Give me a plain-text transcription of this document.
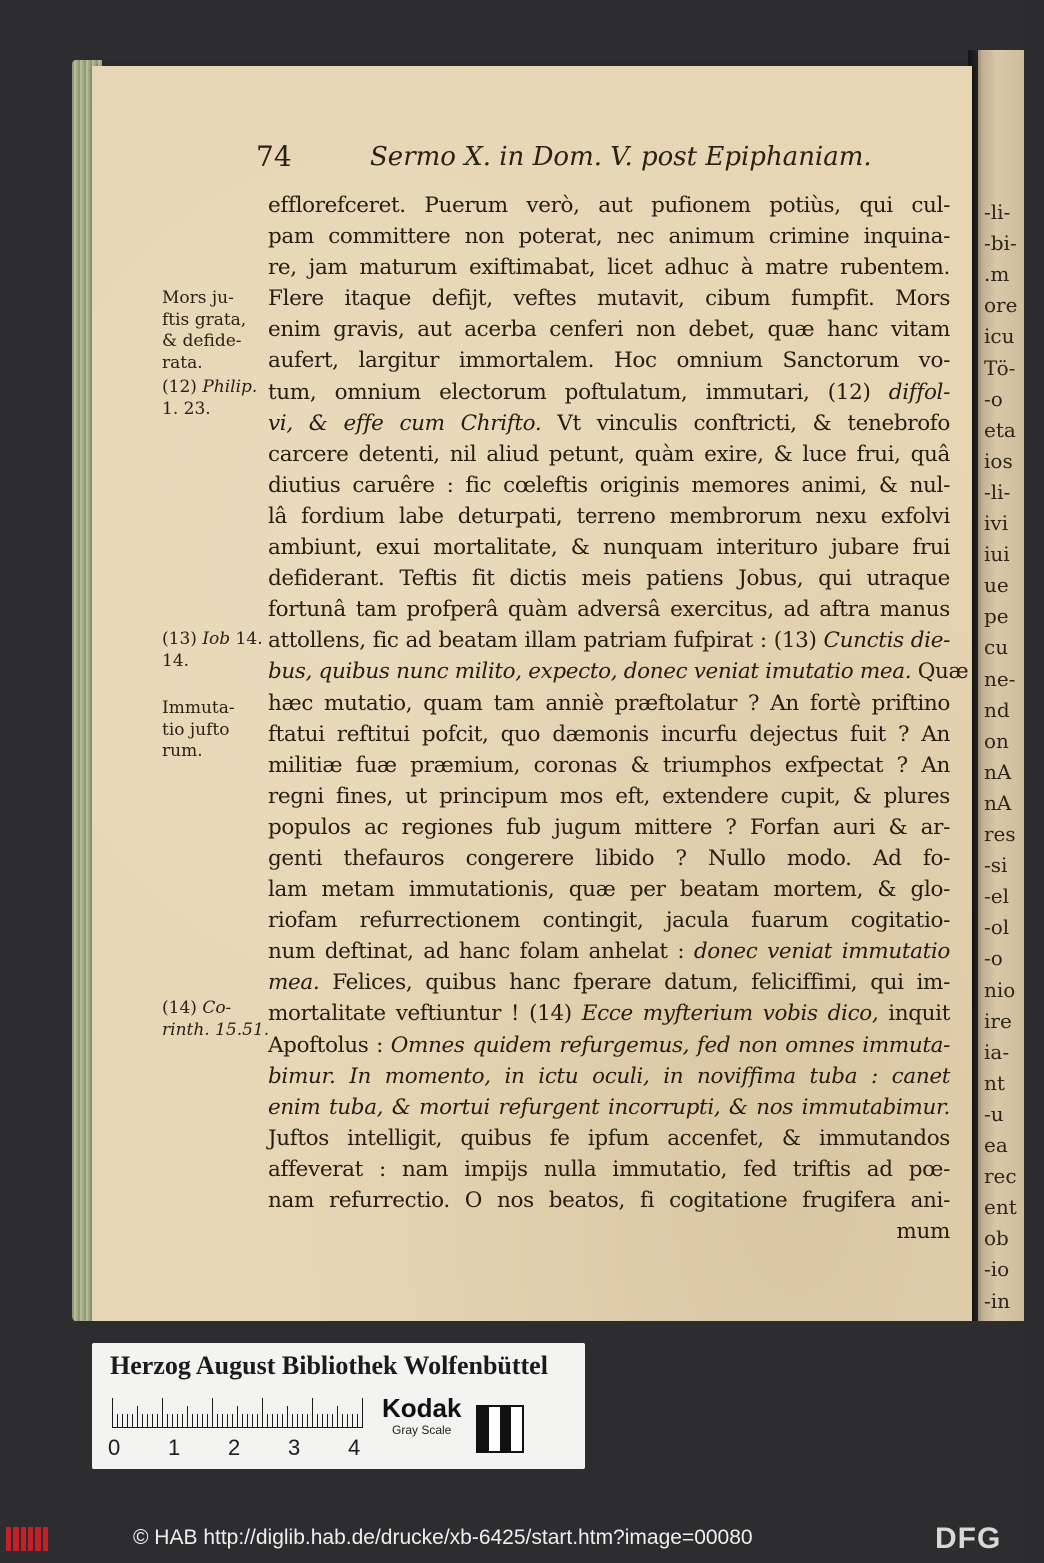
-li-
-bi-
.m
ore
icu
Tö-
-o
eta
ios
-li-
ivi
iui
ue
pe
cu
ne-
nd
on
nA
nA
res
-si
-el
-ol
-o
nio
ire
ia-
nt
-u
ea
rec
ent
ob
-io
-in
74	Sermo X. in Dom. V. post Epiphaniam.
efflorefceret. Puerum verò, aut pufionem potiùs, qui cul-
pam committere non poterat, nec animum crimine inquina-
re, jam maturum exiftimabat, licet adhuc à matre rubentem.
Flere itaque defijt, veftes mutavit, cibum fumpfit. Mors
enim gravis, aut acerba cenferi non debet, quæ hanc vitam
aufert, largitur immortalem. Hoc omnium Sanctorum vo-
tum, omnium electorum poftulatum, immutari, (12) diffol-
vi, & effe cum Chrifto. Vt vinculis conftricti, & tenebrofo
carcere detenti, nil aliud petunt, quàm exire, & luce frui, quâ
diutius caruêre : fic cœleftis originis memores animi, & nul-
lâ fordium labe deturpati, terreno membrorum nexu exfolvi
ambiunt, exui mortalitate, & nunquam interituro jubare frui
defiderant. Teftis fit dictis meis patiens Jobus, qui utraque
fortunâ tam profperâ quàm adversâ exercitus, ad aftra manus
attollens, fic ad beatam illam patriam fufpirat : (13) Cunctis die-
bus, quibus nunc milito, expecto, donec veniat imutatio mea. Quæ
hæc mutatio, quam tam anniè præftolatur ? An fortè priftino
ftatui reftitui pofcit, quo dæmonis incurfu dejectus fuit ? An
militiæ fuæ præmium, coronas & triumphos exfpectat ? An
regni fines, ut principum mos eft, extendere cupit, & plures
populos ac regiones fub jugum mittere ? Forfan auri & ar-
genti thefauros congerere libido ? Nullo modo. Ad fo-
lam metam immutationis, quæ per beatam mortem, & glo-
riofam refurrectionem contingit, jacula fuarum cogitatio-
num deftinat, ad hanc folam anhelat : donec veniat immutatio
mea. Felices, quibus hanc fperare datum, feliciffimi, qui im-
mortalitate veftiuntur ! (14) Ecce myfterium vobis dico, inquit
Apoftolus : Omnes quidem refurgemus, fed non omnes immuta-
bimur. In momento, in ictu oculi, in noviffima tuba : canet
enim tuba, & mortui refurgent incorrupti, & nos immutabimur.
Juftos intelligit, quibus fe ipfum accenfet, & immutandos
affeverat : nam impijs nulla immutatio, fed triftis ad pœ-
nam refurrectio. O nos beatos, fi cogitatione frugifera ani-
mum
Mors ju-
ftis grata,
& defide-
rata.
(12) Philip.
1. 23.
(13) Iob 14.
14.
Immuta-
tio jufto
rum.
(14) Co-
rinth. 15.51.
Herzog August Bibliothek Wolfenbüttel
0 1 2 3 4
Kodak
Gray Scale
© HAB http://diglib.hab.de/drucke/xb-6425/start.htm?image=00080	DFG
